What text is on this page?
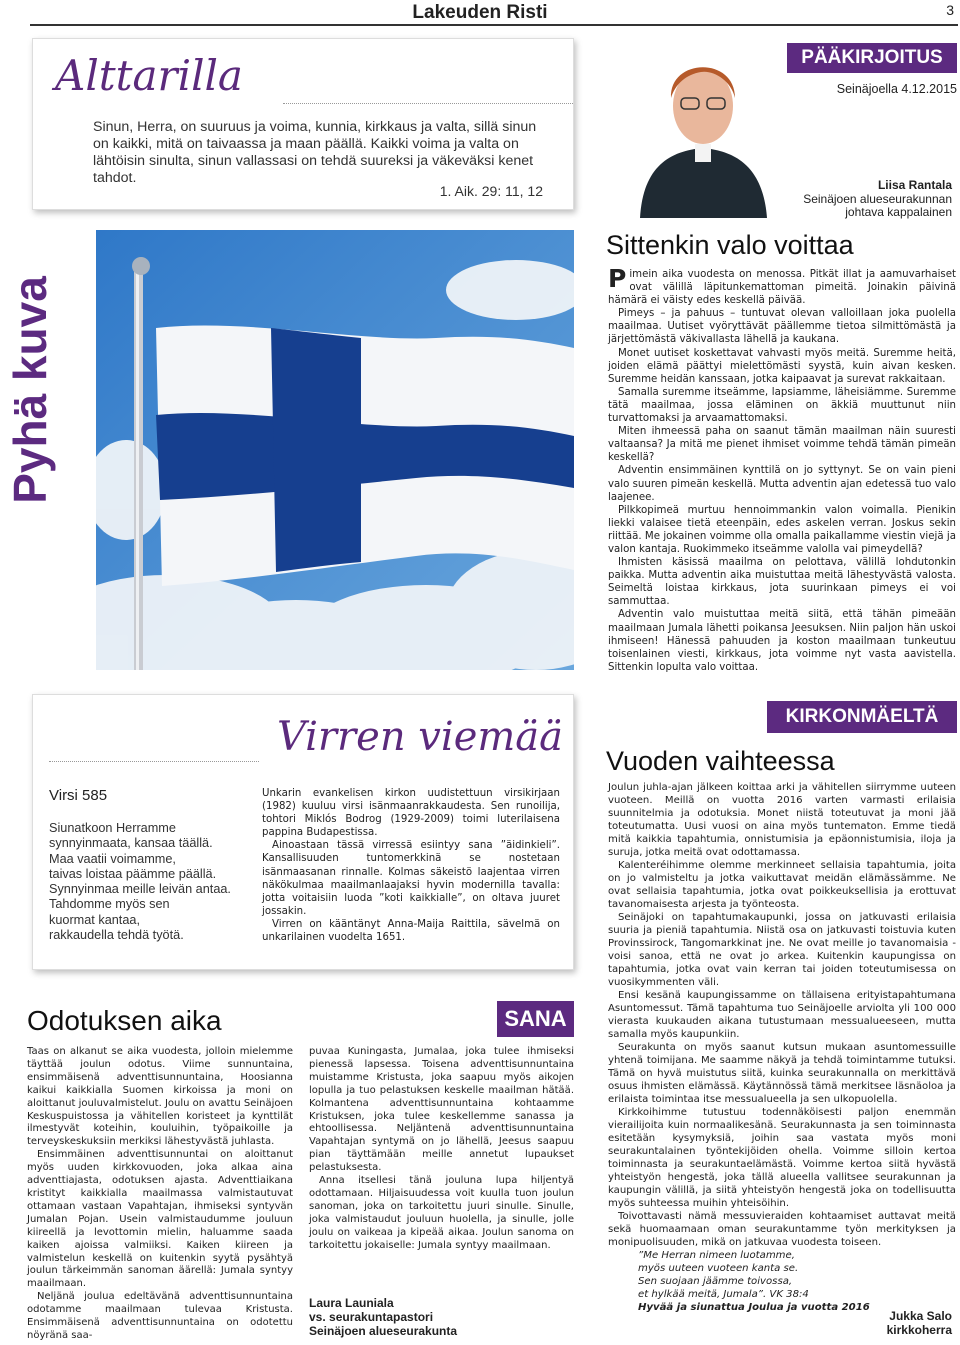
Lakeuden Risti	3
Alttarilla
Sinun, Herra, on suuruus ja voima, kunnia, kirkkaus ja valta, sillä sinun on kaikki, mitä on taivaassa ja maan päällä. Kaikki voima ja valta on lähtöisin sinulta, sinun vallassasi on tehdä suureksi ja väkeväksi kenet tahdot.
1. Aik. 29: 11, 12
Pyhä kuva
PÄÄKIRJOITUS
Seinäjoella 4.12.2015
Liisa Rantala
Seinäjoen alueseurakunnan
johtava kappalainen
Sittenkin valo voittaa

Pimein aika vuodesta on menossa. Pitkät illat ja aamuvarhaiset ovat välillä läpitunkemattoman pimeitä. Joinakin päivinä hämärä ei väisty edes keskellä päivää.

Pimeys – ja pahuus – tuntuvat olevan valloillaan joka puolella maailmaa. Uutiset vyöryttävät päällemme tietoa silmittömästä ja järjettömästä väkivallasta lähellä ja kaukana.

Monet uutiset koskettavat vahvasti myös meitä. Suremme heitä, joiden elämä päättyi mielettömästi syystä, kuin aivan kesken. Suremme heidän kanssaan, jotka kaipaavat ja surevat rakkaitaan.

Samalla suremme itseämme, lapsiamme, läheisiämme. Suremme tätä maailmaa, jossa eläminen on äkkiä muuttunut niin turvattomaksi ja arvaamattomaksi.

Miten ihmeessä paha on saanut tämän maailman näin suuresti valtaansa? Ja mitä me pienet ihmiset voimme tehdä tämän pimeän keskellä?

Adventin ensimmäinen kynttilä on jo syttynyt. Se on vain pieni valo suuren pimeän keskellä. Mutta adventin ajan edetessä tuo valo laajenee.

Pilkkopimeä murtuu hennoimmankin valon voimalla. Pienikin liekki valaisee tietä eteenpäin, edes askelen verran. Joskus sekin riittää. Me jokainen voimme olla omalla paikallamme viestin viejä ja valon kantaja. Ruokimmeko itseämme valolla vai pimeydellä?

Ihmisten käsissä maailma on pelottava, välillä lohdutonkin paikka. Mutta adventin aika muistuttaa meitä lähestyvästä valosta. Seimeltä loistaa kirkkaus, jota suurinkaan pimeys ei voi sammuttaa.

Adventin valo muistuttaa meitä siitä, että tähän pimeään maailmaan Jumala lähetti poikansa Jeesuksen. Niin paljon hän uskoi ihmiseen! Hänessä pahuuden ja koston maailmaan tunkeutuu toisenlainen viesti, kirkkaus, jota voimme nyt vasta aavistella. Sittenkin lopulta valo voittaa.

Virren viemää
Virsi 585
Siunatkoon Herramme
synnyinmaata, kansaa täällä.
Maa vaatii voimamme,
taivas loistaa päämme päällä.
Synnyinmaa meille leivän antaa.
Tahdomme myös sen
kuormat kantaa,
rakkaudella tehdä työtä.

Unkarin evankelisen kirkon uudistettuun virsikirjaan (1982) kuuluu virsi isänmaanrakkaudesta. Sen runoilija, tohtori Miklós Bodrog (1929-2009) toimi luterilaisena pappina Budapestissa.

Ainoastaan tässä virressä esiintyy sana ”äidinkieli”. Kansallisuuden tuntomerkkinä se nostetaan isänmaasanan rinnalle. Kolmas säkeistö laajentaa virren näkökulmaa maailmanlaajaksi hyvin modernilla tavalla: jotta voitaisiin luoda ”koti kaikkialle”, on oltava juuret jossakin.

Virren on kääntänyt Anna-Maija Raittila, sävelmä on unkarilainen vuodelta 1651.

Odotuksen aika	SANA

Taas on alkanut se aika vuodesta, jolloin mielemme täyttää joulun odotus. Viime sunnuntaina, ensimmäisenä adventtisunnuntaina, Hoosianna kaikui kaikkialla Suomen kirkoissa ja moni on aloittanut jouluvalmistelut. Joulu on avattu Seinäjoen Keskuspuistossa ja vähitellen koristeet ja kynttilät ilmestyvät koteihin, kouluihin, työpaikoille ja terveyskeskuksiin merkiksi lähestyvästä juhlasta.

Ensimmäinen adventtisunnuntai on aloittanut myös uuden kirkkovuoden, joka alkaa aina adventtiajasta, odotuksen ajasta. Adventtiaikana kristityt kaikkialla maailmassa valmistautuvat ottamaan vastaan Vapahtajan, ihmiseksi syntyvän Jumalan Pojan. Usein valmistaudumme jouluun kiireellä ja levottomin mielin, haluamme saada kaiken ajoissa valmiiksi. Kaiken kiireen ja valmistelun keskellä on kuitenkin syytä pysähtyä joulun tärkeimmän sanoman äärellä: Jumala syntyy maailmaan.

Neljänä joulua edeltävänä adventtisunnuntaina odotamme maailmaan tulevaa Kristusta. Ensimmäisenä adventtisunnuntaina on odotettu nöyränä saa-

puvaa Kuningasta, Jumalaa, joka tulee ihmiseksi pienessä lapsessa. Toisena adventtisunnuntaina muistamme Kristusta, joka saapuu myös aikojen lopulla ja tuo pelastuksen keskelle maailman hätää. Kolmantena adventtisunnuntaina kohtaamme Kristuksen, joka tulee keskellemme sanassa ja ehtoollisessa. Neljäntenä adventtisunnuntaina Vapahtajan syntymä on jo lähellä, Jeesus saapuu pian täyttämään meille annetut lupaukset pelastuksesta.

Anna itsellesi tänä jouluna lupa hiljentyä odottamaan. Hiljaisuudessa voit kuulla tuon joulun sanoman, joka on tarkoitettu juuri sinulle. Sinulle, joka valmistaudut jouluun huolella, ja sinulle, jolle joulu on vaikeaa ja kipeää aikaa. Joulun sanoma on tarkoitettu jokaiselle: Jumala syntyy maailmaan.

Laura Launiala
vs. seurakuntapastori
Seinäjoen alueseurakunta
KIRKONMÄELTÄ
Vuoden vaihteessa

Joulun juhla-ajan jälkeen koittaa arki ja vähitellen siirrymme uuteen vuoteen. Meillä on vuotta 2016 varten varmasti erilaisia suunnitelmia ja odotuksia. Monet niistä toteutuvat ja moni jää toteutumatta. Uusi vuosi on aina myös tuntematon. Emme tiedä mitä kaikkia tapahtumia, onnistumisia ja epäonnistumisia, iloja ja suruja, jotka meitä ovat odottamassa.

Kalenteréihimme olemme merkinneet sellaisia tapahtumia, joita on jo valmisteltu ja jotka vaikuttavat meidän elämässämme. Ne ovat sellaisia tapahtumia, jotka ovat poikkeuksellisia ja erottuvat tavanomaisesta arjesta ja työnteosta.

Seinäjoki on tapahtumakaupunki, jossa on jatkuvasti erilaisia suuria ja pieniä tapahtumia. Niistä osa on jatkuvasti toistuvia kuten Provinssirock, Tangomarkkinat jne. Ne ovat meille jo tavanomaisia - voisi sanoa, että ne ovat jo arkea. Kuitenkin kaupungissa on tapahtumia, jotka ovat vain kerran tai joiden toteutumisessa on vuosikymmenten väli.

Ensi kesänä kaupungissamme on tällaisena erityistapahtumana Asuntomessut. Tämä tapahtuma tuo Seinäjoelle arviolta yli 100 000 vierasta kuukauden aikana tutustumaan messualueeseen, mutta samalla myös kaupunkiin.

Seurakunta on myös saanut kutsun mukaan asuntomessuille yhtenä toimijana. Me saamme näkyä ja tehdä toimintamme tutuksi. Tämä on hyvä muistutus siitä, kuinka seurakunnalla on merkittävä osuus ihmisten elämässä. Käytännössä tämä merkitsee läsnäoloa ja erilaista toimintaa itse messualueella ja sen ulkopuolella.

Kirkkoihimme tutustuu todennäköisesti paljon enemmän vierailijoita kuin normaalikesänä. Seurakunnasta ja sen toiminnasta esitetään kysymyksiä, joihin saa vastata myös moni seurakuntalainen työntekijöiden ohella. Voimme silloin kertoa toiminnasta ja seurakuntaelämästä. Voimme kertoa siitä hyvästä yhteistyön hengestä, joka tällä alueella vallitsee seurakunnan ja kaupungin välillä, ja siitä yhteistyön hengestä joka on todellisuutta myös suhteessa muihin yhteisöihin.

Toivottavasti nämä messuvieraiden kohtaamiset auttavat meitä sekä huomaamaan oman seurakuntamme työn merkityksen ja monipuolisuuden, mikä on jatkuvaa vuodesta toiseen.

”Me Herran nimeen luotamme,
myös uuteen vuoteen kanta se.
Sen suojaan jäämme toivossa,
et hylkää meitä, Jumala”. VK 38:4
Hyvää ja siunattua Joulua ja vuotta 2016
Jukka Salo
kirkkoherra
